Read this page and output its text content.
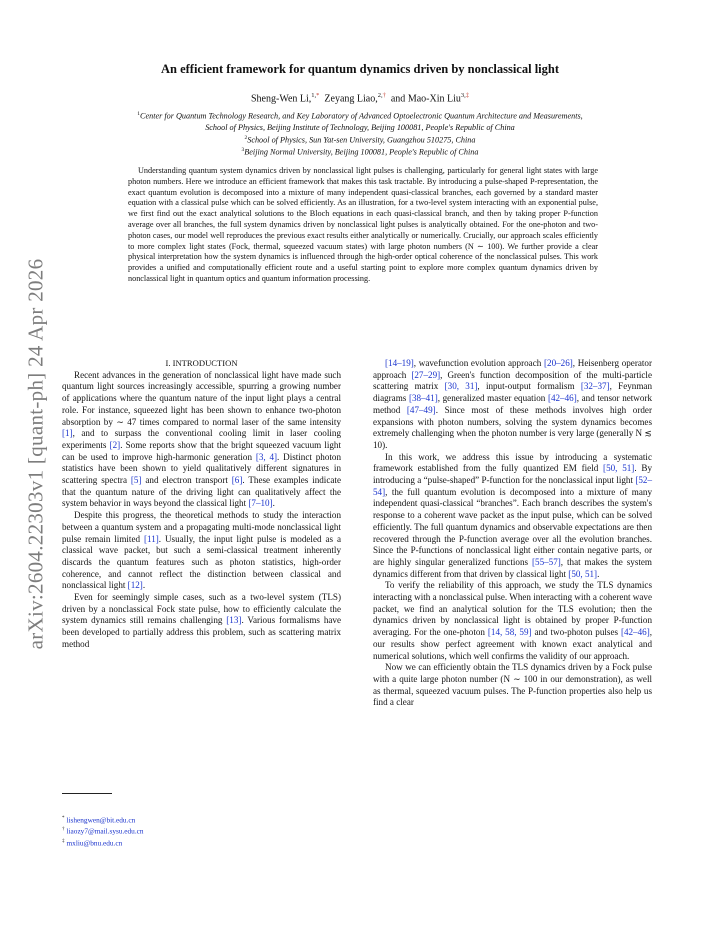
arXiv:2604.22303v1 [quant-ph] 24 Apr 2026
An efficient framework for quantum dynamics driven by nonclassical light
Sheng-Wen Li,$^{1,*}$ Zeyang Liao,$^{2,\dagger}$ and Mao-Xin Liu$^{3,\ddagger}$
$^1$Center for Quantum Technology Research, and Key Laboratory of Advanced Optoelectronic Quantum Architecture and Measurements,
School of Physics, Beijing Institute of Technology, Beijing 100081, People's Republic of China
$^2$School of Physics, Sun Yat-sen University, Guangzhou 510275, China
$^3$Beijing Normal University, Beijing 100081, People's Republic of China
Understanding quantum system dynamics driven by nonclassical light pulses is challenging, particularly for general light states with large photon numbers. Here we introduce an efficient framework that makes this task tractable. By introducing a pulse-shaped P-representation, the exact quantum evolution is decomposed into a mixture of many independent quasi-classical branches, each governed by a standard master equation with a classical pulse which can be solved efficiently. As an illustration, for a two-level system interacting with an exponential pulse, we first find out the exact analytical solutions to the Bloch equations in each quasi-classical branch, and then by taking proper P-function average over all branches, the full system dynamics driven by nonclassical light pulses is analytically obtained. For the one-photon and two-photon cases, our model well reproduces the previous exact results either analytically or numerically. Crucially, our approach scales efficiently to more complex light states (Fock, thermal, squeezed vacuum states) with large photon numbers (N ∼ 100). We further provide a clear physical interpretation how the system dynamics is influenced through the high-order optical coherence of the nonclassical pulses. This work provides a unified and computationally efficient route and a useful starting point to explore more complex quantum dynamics driven by nonclassical light in quantum optics and quantum information processing.

I. INTRODUCTION

Recent advances in the generation of nonclassical light have made such quantum light sources increasingly accessible, spurring a growing number of applications where the quantum nature of the input light plays a central role. For instance, squeezed light has been shown to enhance two-photon absorption by ∼ 47 times compared to normal laser of the same intensity [1], and to surpass the conventional cooling limit in laser cooling experiments [2]. Some reports show that the bright squeezed vacuum light can be used to improve high-harmonic generation [3, 4]. Distinct photon statistics have been shown to yield qualitatively different signatures in scattering spectra [5] and electron transport [6]. These examples indicate that the quantum nature of the driving light can qualitatively affect the system behavior in ways beyond the classical light [7–10].

Despite this progress, the theoretical methods to study the interaction between a quantum system and a propagating multi-mode nonclassical light pulse remain limited [11]. Usually, the input light pulse is modeled as a classical wave packet, but such a semi-classical treatment inherently discards the quantum features such as photon statistics, high-order coherence, and cannot reflect the distinction between classical and nonclassical light [12].

Even for seemingly simple cases, such as a two-level system (TLS) driven by a nonclassical Fock state pulse, how to efficiently calculate the system dynamics still remains challenging [13]. Various formalisms have been developed to partially address this problem, such as scattering matrix method

[14–19], wavefunction evolution approach [20–26], Heisenberg operator approach [27–29], Green's function decomposition of the multi-particle scattering matrix [30, 31], input-output formalism [32–37], Feynman diagrams [38–41], generalized master equation [42–46], and tensor network method [47–49]. Since most of these methods involves high order expansions with photon numbers, solving the system dynamics becomes extremely challenging when the photon number is very large (generally N ≲ 10).

In this work, we address this issue by introducing a systematic framework established from the fully quantized EM field [50, 51]. By introducing a “pulse-shaped” P-function for the nonclassical input light [52–54], the full quantum evolution is decomposed into a mixture of many independent quasi-classical “branches”. Each branch describes the system's response to a coherent wave packet as the input pulse, which can be solved efficiently. The full quantum dynamics and observable expectations are then recovered through the P-function average over all the evolution branches. Since the P-functions of nonclassical light either contain negative parts, or are highly singular generalized functions [55–57], that makes the system dynamics different from that driven by classical light [50, 51].

To verify the reliability of this approach, we study the TLS dynamics interacting with a nonclassical pulse. When interacting with a coherent wave packet, we find an analytical solution for the TLS evolution; then the dynamics driven by nonclassical light is obtained by proper P-function averaging. For the one-photon [14, 58, 59] and two-photon pulses [42–46], our results show perfect agreement with known exact analytical and numerical solutions, which well confirms the validity of our approach.

Now we can efficiently obtain the TLS dynamics driven by a Fock pulse with a quite large photon number (N ∼ 100 in our demonstration), as well as thermal, squeezed vacuum pulses. The P-function properties also help us find a clear

* lishengwen@bit.edu.cn
† liaozy7@mail.sysu.edu.cn
‡ mxliu@bnu.edu.cn
